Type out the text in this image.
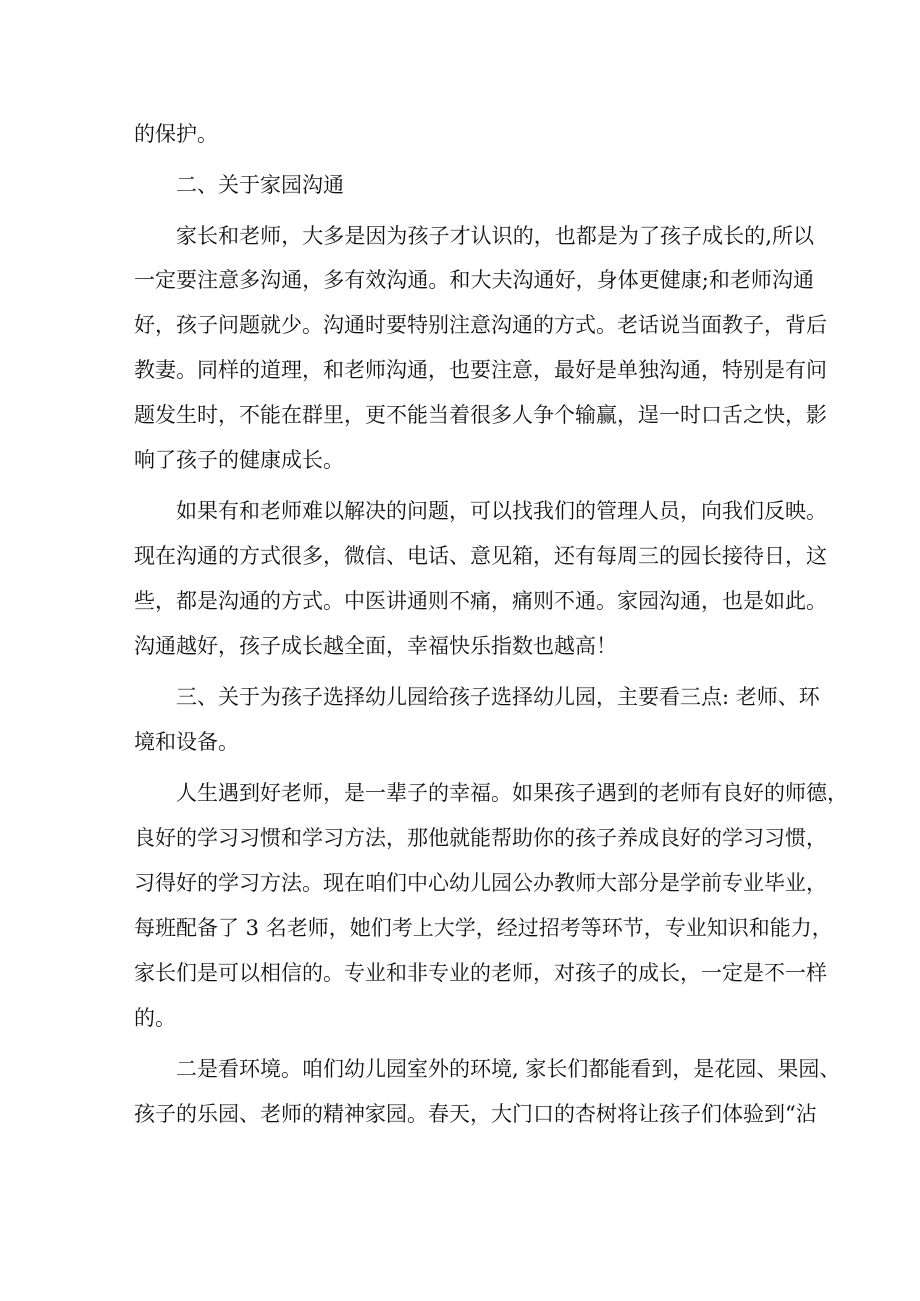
的保护。
二、关于家园沟通
家长和老师，大多是因为孩子才认识的，也都是为了孩子成长的,所以
一定要注意多沟通，多有效沟通。和大夫沟通好，身体更健康;和老师沟通
好，孩子问题就少。沟通时要特别注意沟通的方式。老话说当面教子，背后
教妻。同样的道理，和老师沟通，也要注意，最好是单独沟通，特别是有问
题发生时，不能在群里，更不能当着很多人争个输赢，逞一时口舌之快，影
响了孩子的健康成长。
如果有和老师难以解决的问题，可以找我们的管理人员，向我们反映。
现在沟通的方式很多，微信、电话、意见箱，还有每周三的园长接待日，这
些，都是沟通的方式。中医讲通则不痛，痛则不通。家园沟通，也是如此。
沟通越好，孩子成长越全面，幸福快乐指数也越高！
三、关于为孩子选择幼儿园给孩子选择幼儿园，主要看三点: 老师、环
境和设备。
人生遇到好老师，是一辈子的幸福。如果孩子遇到的老师有良好的师德，
良好的学习习惯和学习方法，那他就能帮助你的孩子养成良好的学习习惯，
习得好的学习方法。现在咱们中心幼儿园公办教师大部分是学前专业毕业，
每班配备了 3 名老师，她们考上大学，经过招考等环节，专业知识和能力，
家长们是可以相信的。专业和非专业的老师，对孩子的成长，一定是不一样
的。
二是看环境。咱们幼儿园室外的环境, 家长们都能看到，是花园、果园、
孩子的乐园、老师的精神家园。春天，大门口的杏树将让孩子们体验到“沾
